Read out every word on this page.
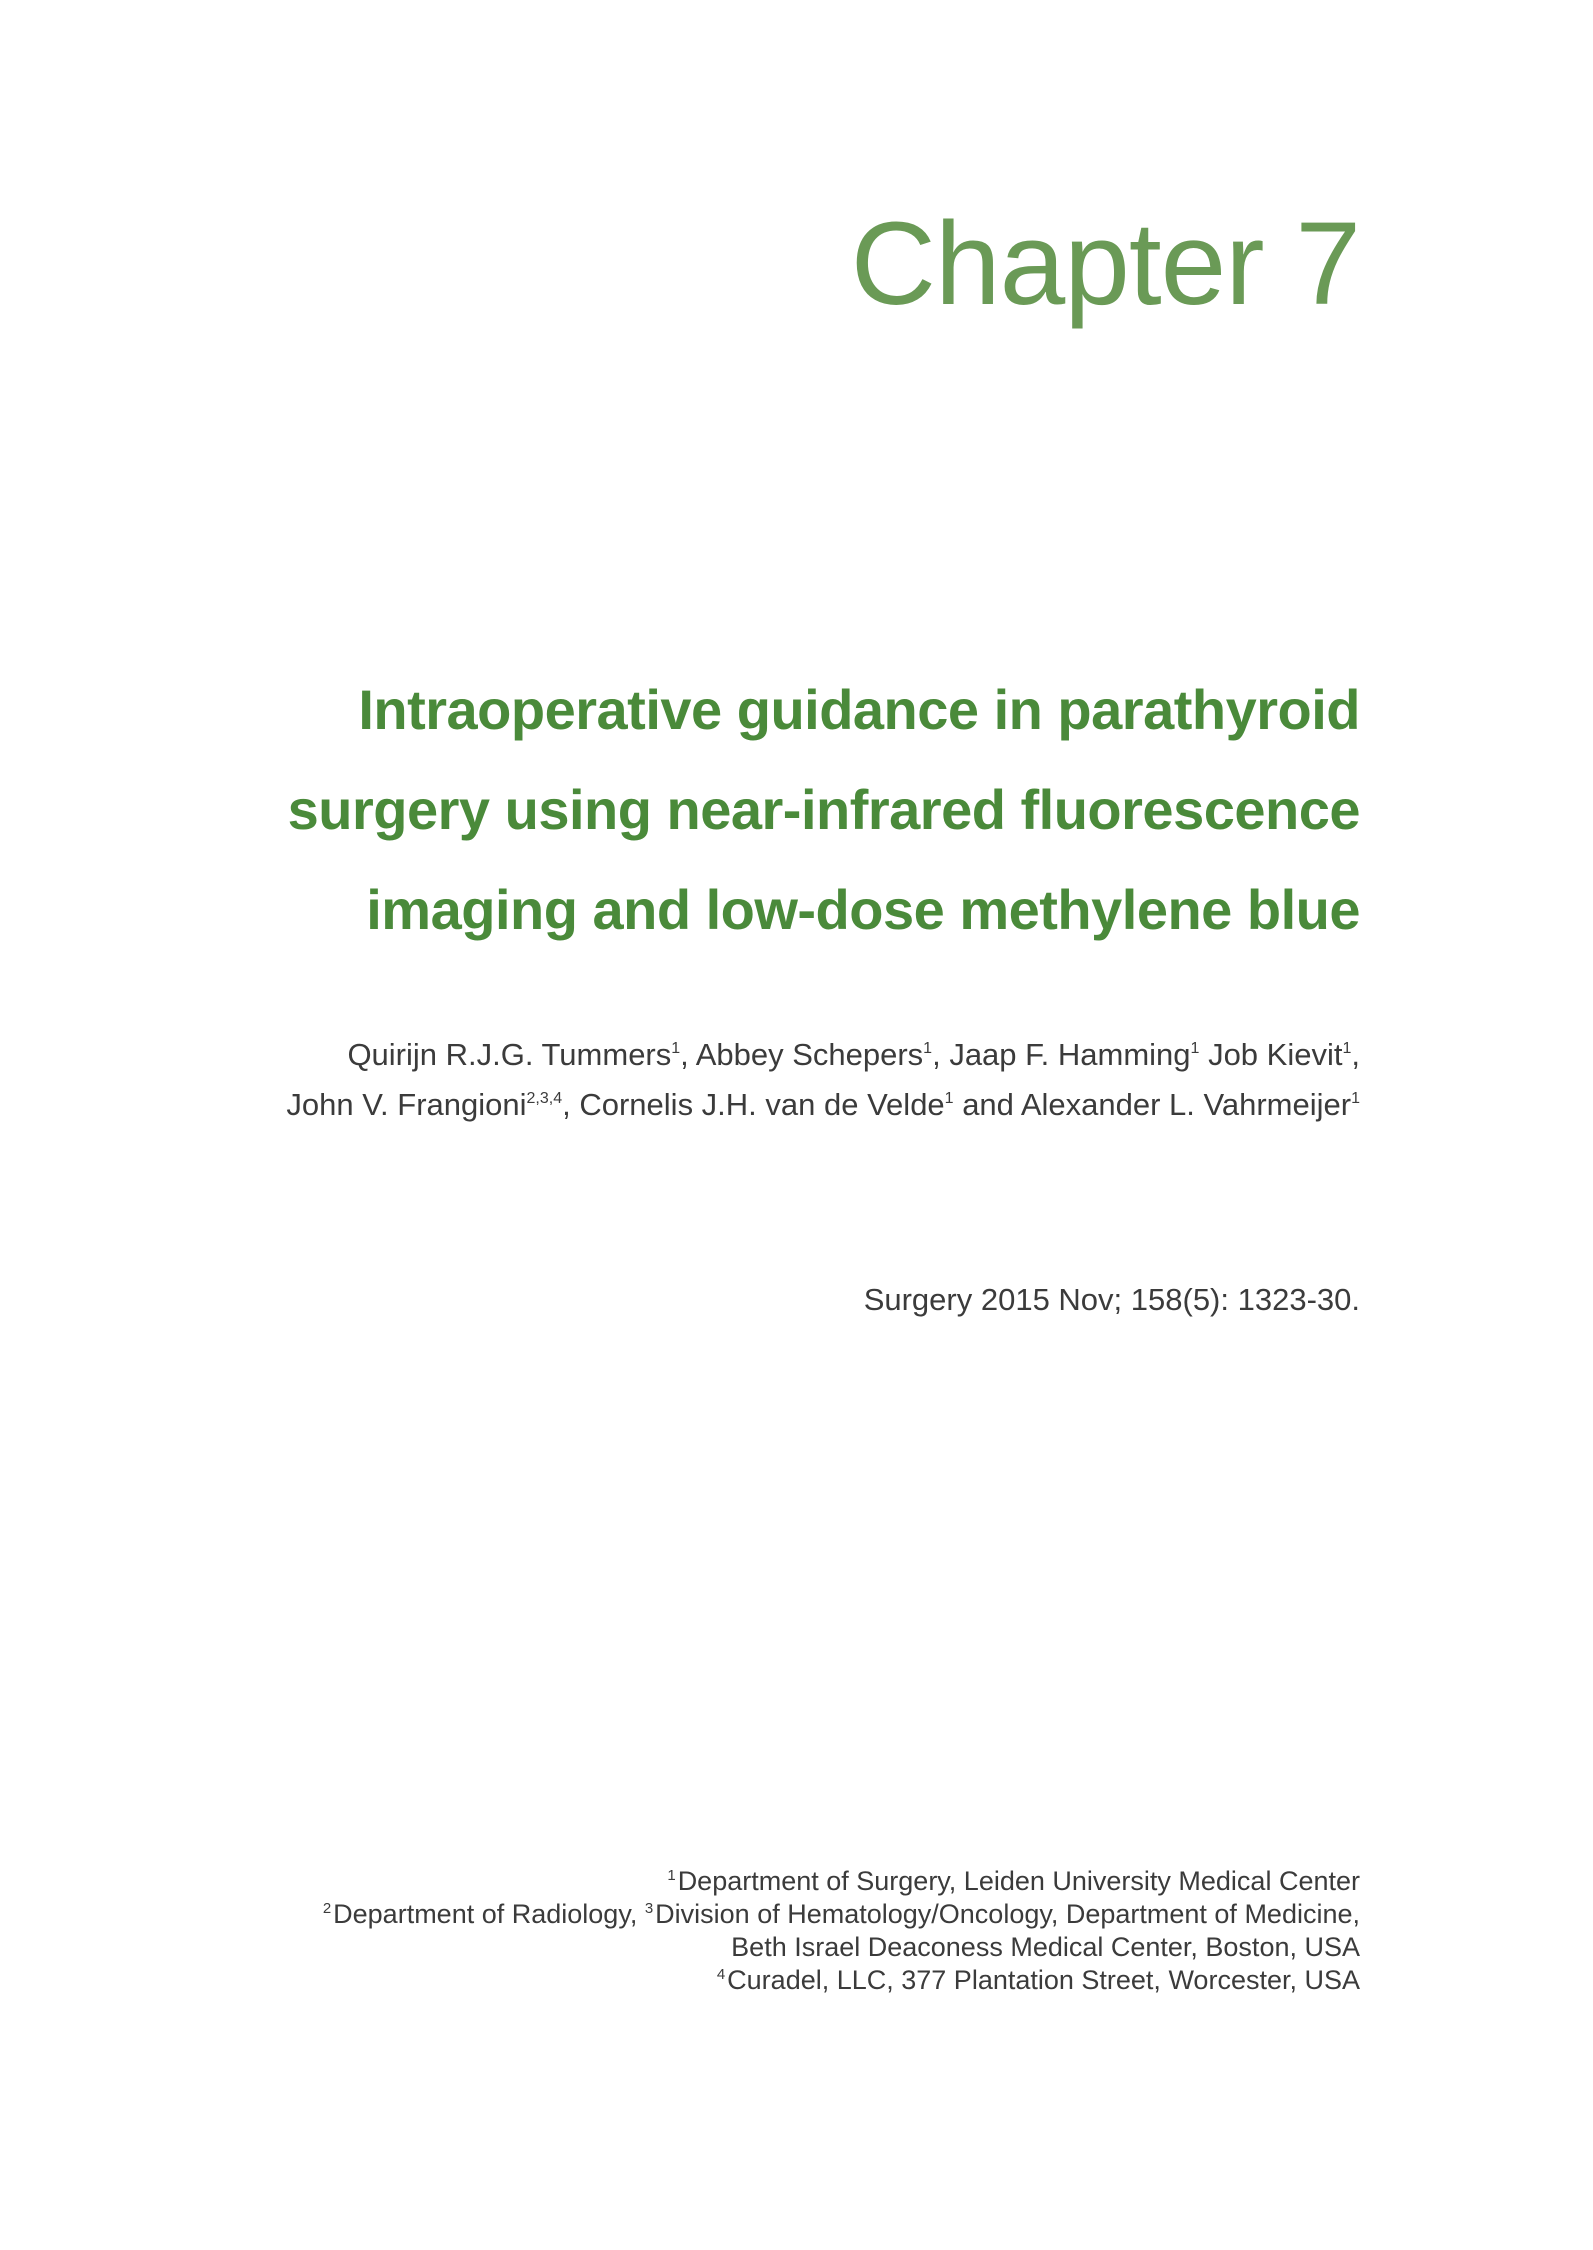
Chapter 7
Intraoperative guidance in parathyroid
surgery using near-infrared fluorescence
imaging and low-dose methylene blue
Quirijn R.J.G. Tummers$^1$, Abbey Schepers$^1$, Jaap F. Hamming$^1$ Job Kievit$^1$,
John V. Frangioni$^{2,3,4}$, Cornelis J.H. van de Velde$^1$ and Alexander L. Vahrmeijer$^1$
Surgery 2015 Nov; 158(5): 1323-30.
$^1$Department of Surgery, Leiden University Medical Center
$^2$Department of Radiology, $^3$Division of Hematology/Oncology, Department of Medicine,
Beth Israel Deaconess Medical Center, Boston, USA
$^4$Curadel, LLC, 377 Plantation Street, Worcester, USA
